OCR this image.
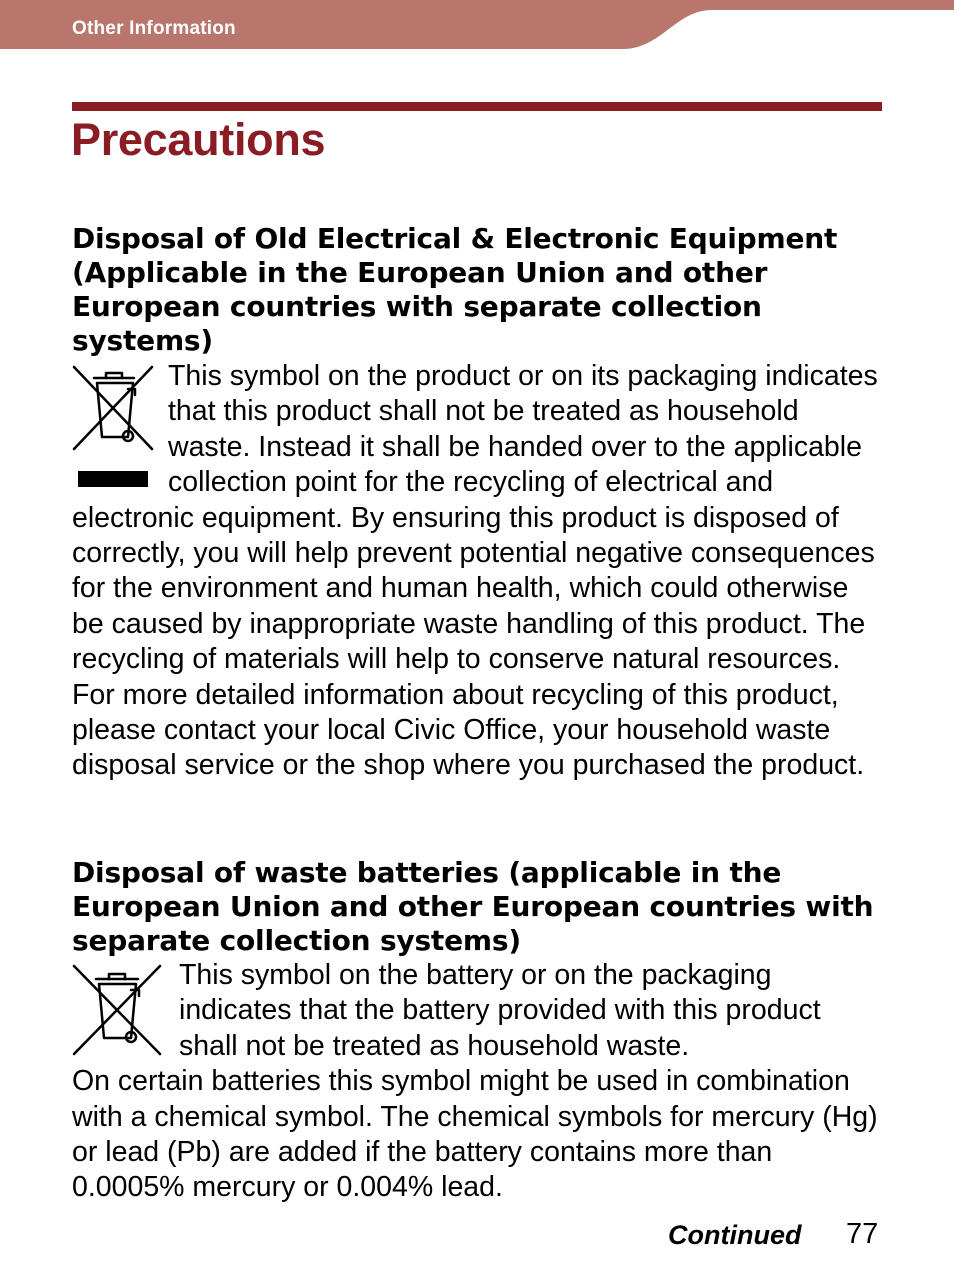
Other Information
Precautions
Disposal of Old Electrical & Electronic Equipment (Applicable in the European Union and other European countries with separate collection systems)
This symbol on the product or on its packaging indicates that this product shall not be treated as household waste. Instead it shall be handed over to the applicable collection point for the recycling of electrical and electronic equipment. By ensuring this product is disposed of correctly, you will help prevent potential negative consequences for the environment and human health, which could otherwise be caused by inappropriate waste handling of this product. The recycling of materials will help to conserve natural resources. For more detailed information about recycling of this product, please contact your local Civic Office, your household waste disposal service or the shop where you purchased the product.
Disposal of waste batteries (applicable in the European Union and other European countries with separate collection systems)
This symbol on the battery or on the packaging indicates that the battery provided with this product shall not be treated as household waste.
On certain batteries this symbol might be used in combination with a chemical symbol. The chemical symbols for mercury (Hg) or lead (Pb) are added if the battery contains more than 0.0005% mercury or 0.004% lead.
Continued 77
